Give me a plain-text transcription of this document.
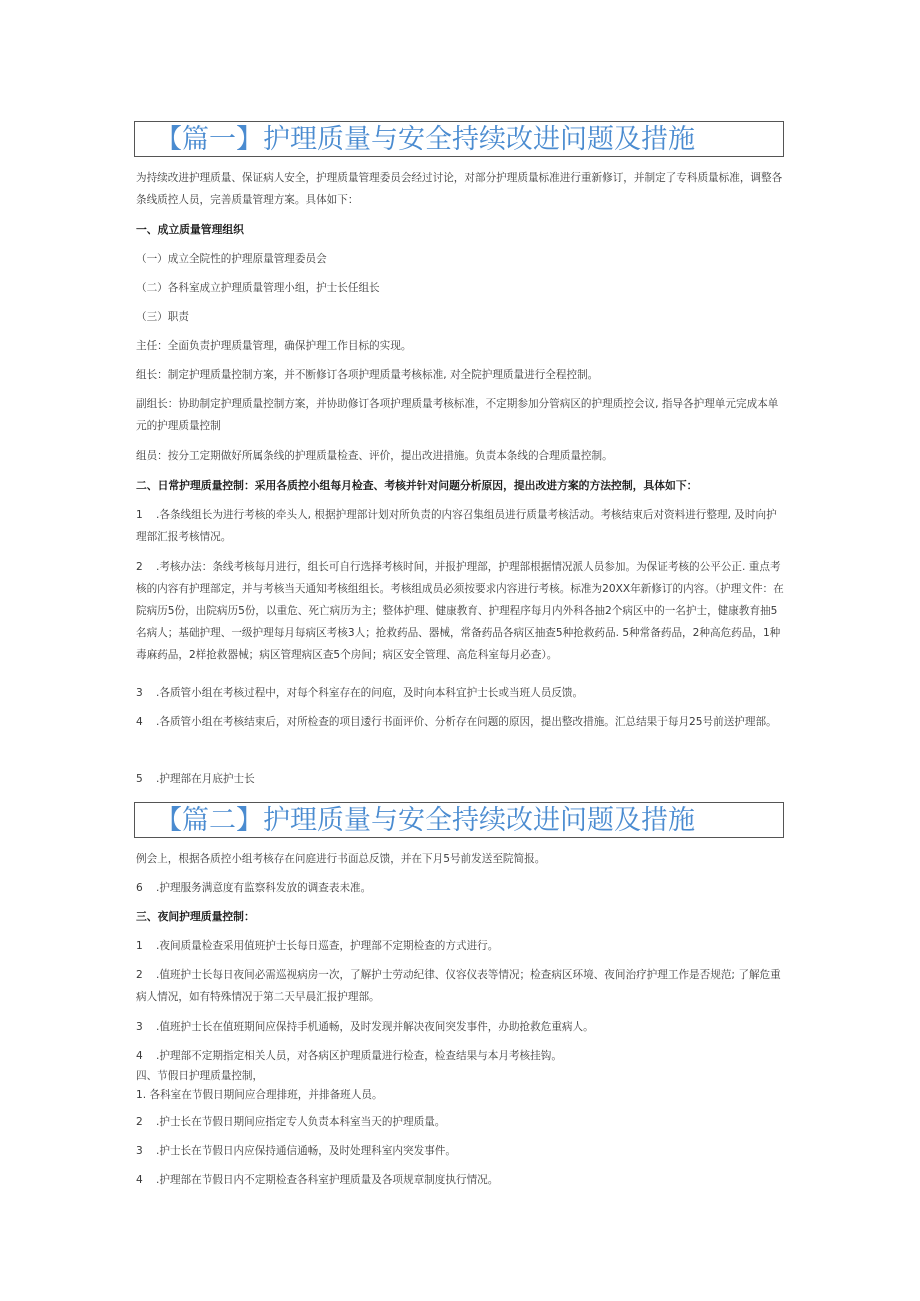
【篇一】护理质量与安全持续改进问题及措施

为持续改进护理质量、保证病人安全，护理质量管理委员会经过讨论，对部分护理质量标准进行重新修订，并制定了专科质量标准，调整各条线质控人员，完善质量管理方案。具体如下：

一、成立质量管理组织

（一）成立全院性的护理原量管理委员会

（二）各科室成立护理质量管理小组，护士长任组长

（三）职责

主任：全面负责护理质量管理，确保护理工作目标的实现。

组长：制定护理质量控制方案，并不断修订各项护理质量考核标准, 对全院护理质量进行全程控制。

副组长：协助制定护理质量控制方案，并协助修订各项护理质量考核标准，不定期参加分管病区的护理质控会议, 指导各护理单元完成本单元的护理质量控制

组员：按分工定期做好所属条线的护理质量检查、评价，提出改进措施。负责本条线的合理质量控制。

二、日常护理质量控制：采用各质控小组每月检查、考核并针对问题分析原因，提出改进方案的方法控制，具体如下：

1 .各条线组长为进行考核的牵头人, 根据护理部计划对所负责的内容召集组员进行质量考核活动。考核结束后对资料进行整理, 及时向护理部汇报考核情况。

2 .考核办法：条线考核每月进行，组长可自行选择考核时间，并报护理部，护理部根据情况派人员参加。为保证考核的公平公正. 重点考核的内容有护理部定，并与考核当天通知考核组组长。考核组成员必须按要求内容进行考核。标准为20XX年新修订的内容。（护理文件：在院病历5份，出院病历5份，以重危、死亡病历为主；整体护理、健康教育、护理程序每月内外科各抽2个病区中的一名护士，健康教育抽5名病人；基础护理、一级护理每月每病区考核3人；抢救药品、器械，常备药品各病区抽查5种抢救药品. 5种常备药品，2种高危药品，1种毒麻药品，2样抢救器械；病区管理病区查5个房间；病区安全管理、高危科室每月必查）。

3 .各质管小组在考核过程中，对每个科室存在的问庖，及时向本科宜护士长或当班人员反馈。

4 .各质管小组在考核结束后，对所检查的项目逶行书面评价、分析存在问题的原因，提出整改措施。汇总结果于每月25号前送护理部。

5 .护理部在月底护士长

【篇二】护理质量与安全持续改进问题及措施

例会上，根据各质控小组考核存在问庭进行书面总反馈，并在下月5号前发送至院简报。

6 .护理服务满意度有监察科发放的调查表未准。

三、夜间护理质量控制：

1 .夜间质量检查采用值班护士长每日巡查，护理部不定期检查的方式进行。

2 .值班护士长每日夜间必需巡视病房一次，了解护士劳动纪律、仪容仪表等情况；检查病区环境、夜间治疗护理工作是否规范; 了解危重病人情况，如有特殊情况于第二天早晨汇报护理部。

3 .值班护士长在值班期间应保持手机通畅，及时发现并解决夜间突发事件，办助抢救危重病人。

4 .护理部不定期指定相关人员，对各病区护理质量进行检查，检查结果与本月考核挂钩。

四、节假日护理质量控制，

1. 各科室在节假日期间应合理排班，并排备班人员。

2 .护士长在节假日期间应指定专人负责本科室当天的护理质量。

3 .护士长在节假日内应保持通信通畅，及时处理科室内突发事件。

4 .护理部在节假日内不定期检查各科室护理质量及各项规章制度执行情况。
